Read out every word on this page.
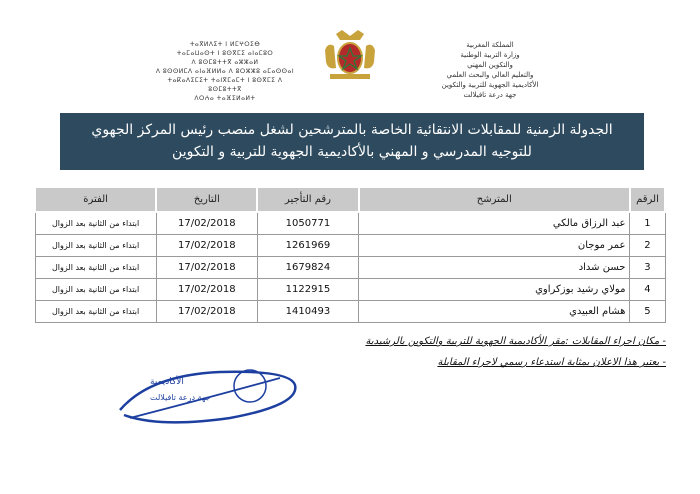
ⵜⴰⴳⵍⴷⵉⵜ ⵏ ⵍⵎⵖⵔⵉⴱ
ⵜⴰⵎⴰⵡⴰⵙⵜ ⵏ ⵓⵙⴳⵎⵉ ⴰⵏⴰⵎⵓⵔ
ⴷ ⵓⵙⵎⵓⵜⵜⴳ ⴰⵣⵣⴰⵍ
ⴷ ⵓⵙⵙⵍⵎⴷ ⴰⵏⴰⴼⵍⵍⴰ ⴷ ⵓⵔⵣⵣⵓ ⴰⵎⴰⵙⵙⴰⵏ
ⵜⴰⴽⴰⴷⵉⵎⵉⵜ ⵜⴰⵏⴳⵎⴰⵎⵜ ⵏ ⵓⵙⴳⵎⵉ ⴷ ⵓⵙⵎⵓⵜⵜⴳ
ⴷⵔⵄⴰ ⵜⴰⴼⵉⵍⴰⵍⵜ
المملكة المغربية
وزارة التربية الوطنية
والتكوين المهني
والتعليم العالي والبحث العلمي
الأكاديمية الجهوية للتربية والتكوين
جهة درعة تافيلالت
الجدولة الزمنية للمقابلات الانتقائية الخاصة بالمترشحين لشغل منصب رئيس المركز الجهوي
للتوجيه المدرسي و المهني بالأكاديمية الجهوية للتربية و التكوين
الرقم	المترشح	رقم التأجير	التاريخ	الفترة
1	عبد الرزاق مالكي	1050771	17/02/2018	ابتداء من الثانية بعد الزوال
2	عمر موجان	1261969	17/02/2018	ابتداء من الثانية بعد الزوال
3	حسن شداد	1679824	17/02/2018	ابتداء من الثانية بعد الزوال
4	مولاي رشيد بوزكراوي	1122915	17/02/2018	ابتداء من الثانية بعد الزوال
5	هشام العبيدي	1410493	17/02/2018	ابتداء من الثانية بعد الزوال
- مكان اجراء المقابلات :مقر الأكاديمية الجهوية للتربية والتكوين بالرشيدية
- يعتبر هذا الاعلان بمثابة استدعاء رسمي لاجراء المقابلة
الأكاديمية
جهة درعة تافيلالت
